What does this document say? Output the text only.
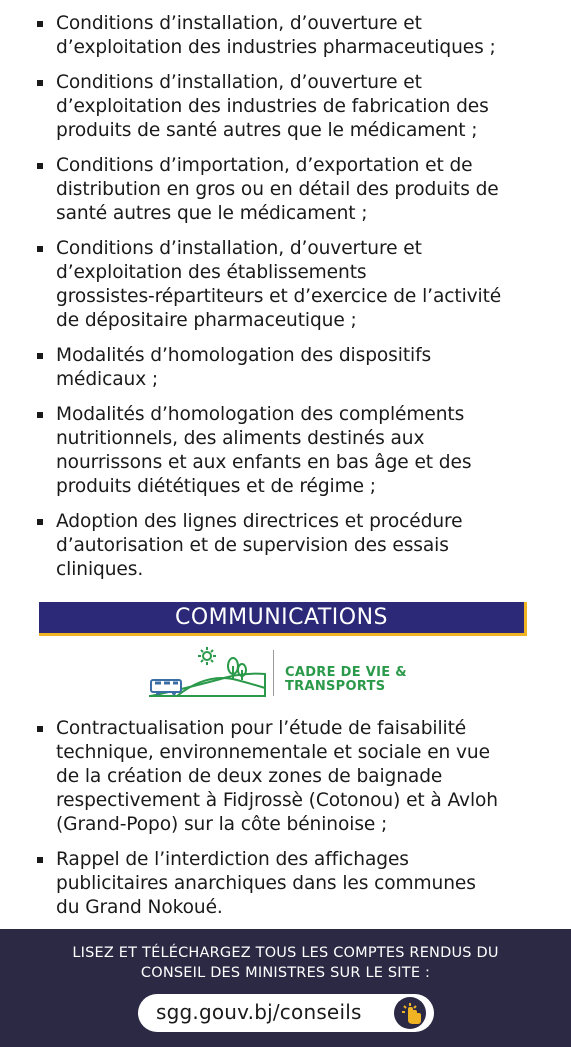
Conditions d’installation, d’ouverture et
d’exploitation des industries pharmaceutiques ;
Conditions d’installation, d’ouverture et
d’exploitation des industries de fabrication des
produits de santé autres que le médicament ;
Conditions d’importation, d’exportation et de
distribution en gros ou en détail des produits de
santé autres que le médicament ;
Conditions d’installation, d’ouverture et
d’exploitation des établissements
grossistes-répartiteurs et d’exercice de l’activité
de dépositaire pharmaceutique ;
Modalités d’homologation des dispositifs
médicaux ;
Modalités d’homologation des compléments
nutritionnels, des aliments destinés aux
nourrissons et aux enfants en bas âge et des
produits diététiques et de régime ;
Adoption des lignes directrices et procédure
d’autorisation et de supervision des essais
cliniques.
COMMUNICATIONS
CADRE DE VIE &
TRANSPORTS
Contractualisation pour l’étude de faisabilité
technique, environnementale et sociale en vue
de la création de deux zones de baignade
respectivement à Fidjrossè (Cotonou) et à Avloh
(Grand-Popo) sur la côte béninoise ;
Rappel de l’interdiction des affichages
publicitaires anarchiques dans les communes
du Grand Nokoué.
LISEZ ET TÉLÉCHARGEZ TOUS LES COMPTES RENDUS DU
CONSEIL DES MINISTRES SUR LE SITE :
sgg.gouv.bj/conseils
